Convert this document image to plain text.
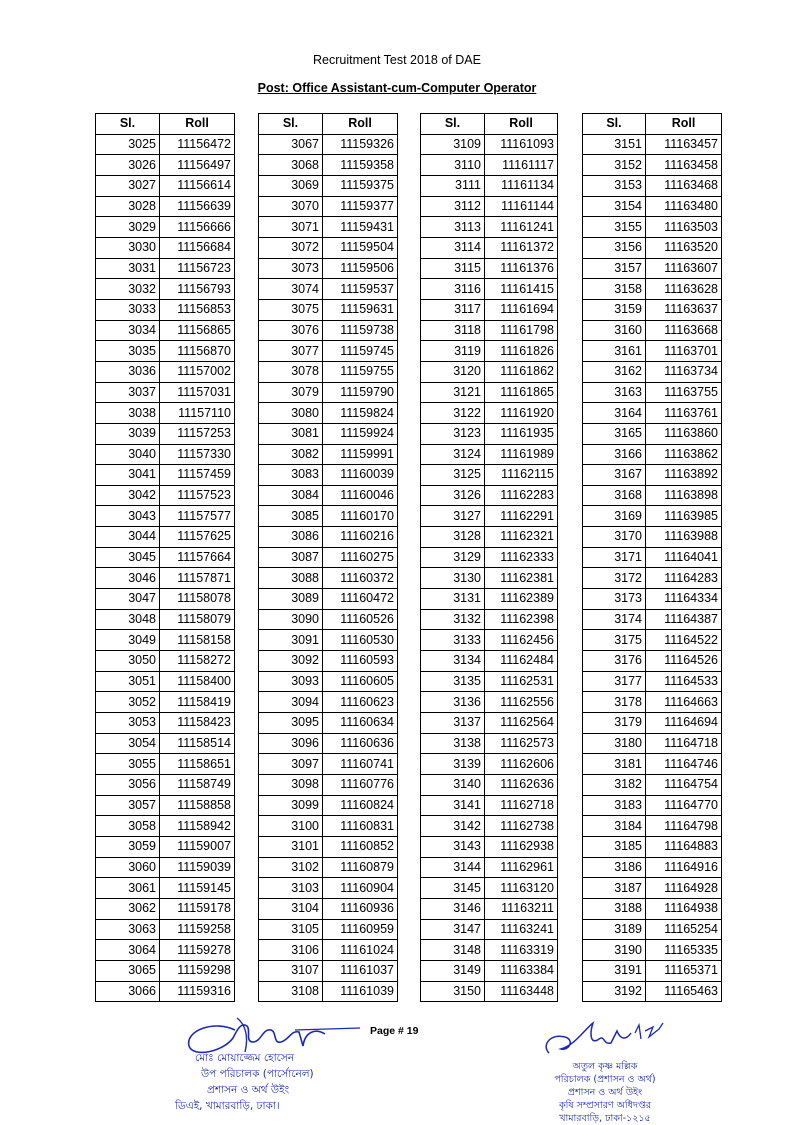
Recruitment Test 2018 of DAE
Post: Office Assistant-cum-Computer Operator
Sl.	Roll
3025	11156472
3026	11156497
3027	11156614
3028	11156639
3029	11156666
3030	11156684
3031	11156723
3032	11156793
3033	11156853
3034	11156865
3035	11156870
3036	11157002
3037	11157031
3038	11157110
3039	11157253
3040	11157330
3041	11157459
3042	11157523
3043	11157577
3044	11157625
3045	11157664
3046	11157871
3047	11158078
3048	11158079
3049	11158158
3050	11158272
3051	11158400
3052	11158419
3053	11158423
3054	11158514
3055	11158651
3056	11158749
3057	11158858
3058	11158942
3059	11159007
3060	11159039
3061	11159145
3062	11159178
3063	11159258
3064	11159278
3065	11159298
3066	11159316
Sl.	Roll
3067	11159326
3068	11159358
3069	11159375
3070	11159377
3071	11159431
3072	11159504
3073	11159506
3074	11159537
3075	11159631
3076	11159738
3077	11159745
3078	11159755
3079	11159790
3080	11159824
3081	11159924
3082	11159991
3083	11160039
3084	11160046
3085	11160170
3086	11160216
3087	11160275
3088	11160372
3089	11160472
3090	11160526
3091	11160530
3092	11160593
3093	11160605
3094	11160623
3095	11160634
3096	11160636
3097	11160741
3098	11160776
3099	11160824
3100	11160831
3101	11160852
3102	11160879
3103	11160904
3104	11160936
3105	11160959
3106	11161024
3107	11161037
3108	11161039
Sl.	Roll
3109	11161093
3110	11161117
3111	11161134
3112	11161144
3113	11161241
3114	11161372
3115	11161376
3116	11161415
3117	11161694
3118	11161798
3119	11161826
3120	11161862
3121	11161865
3122	11161920
3123	11161935
3124	11161989
3125	11162115
3126	11162283
3127	11162291
3128	11162321
3129	11162333
3130	11162381
3131	11162389
3132	11162398
3133	11162456
3134	11162484
3135	11162531
3136	11162556
3137	11162564
3138	11162573
3139	11162606
3140	11162636
3141	11162718
3142	11162738
3143	11162938
3144	11162961
3145	11163120
3146	11163211
3147	11163241
3148	11163319
3149	11163384
3150	11163448
Sl.	Roll
3151	11163457
3152	11163458
3153	11163468
3154	11163480
3155	11163503
3156	11163520
3157	11163607
3158	11163628
3159	11163637
3160	11163668
3161	11163701
3162	11163734
3163	11163755
3164	11163761
3165	11163860
3166	11163862
3167	11163892
3168	11163898
3169	11163985
3170	11163988
3171	11164041
3172	11164283
3173	11164334
3174	11164387
3175	11164522
3176	11164526
3177	11164533
3178	11164663
3179	11164694
3180	11164718
3181	11164746
3182	11164754
3183	11164770
3184	11164798
3185	11164883
3186	11164916
3187	11164928
3188	11164938
3189	11165254
3190	11165335
3191	11165371
3192	11165463
মোঃ মোয়াজ্জেম হোসেন
উপ পরিচালক (পার্সোনেল)
প্রশাসন ও অর্থ উইং
ডিএই, খামারবাড়ি, ঢাকা।
Page # 19
অতুল কৃষ্ণ মল্লিক
পরিচালক (প্রশাসন ও অর্থ)
প্রশাসন ও অর্থ উইং
কৃষি সম্প্রসারণ অধিদপ্তর
খামারবাড়ি, ঢাকা-১২১৫
